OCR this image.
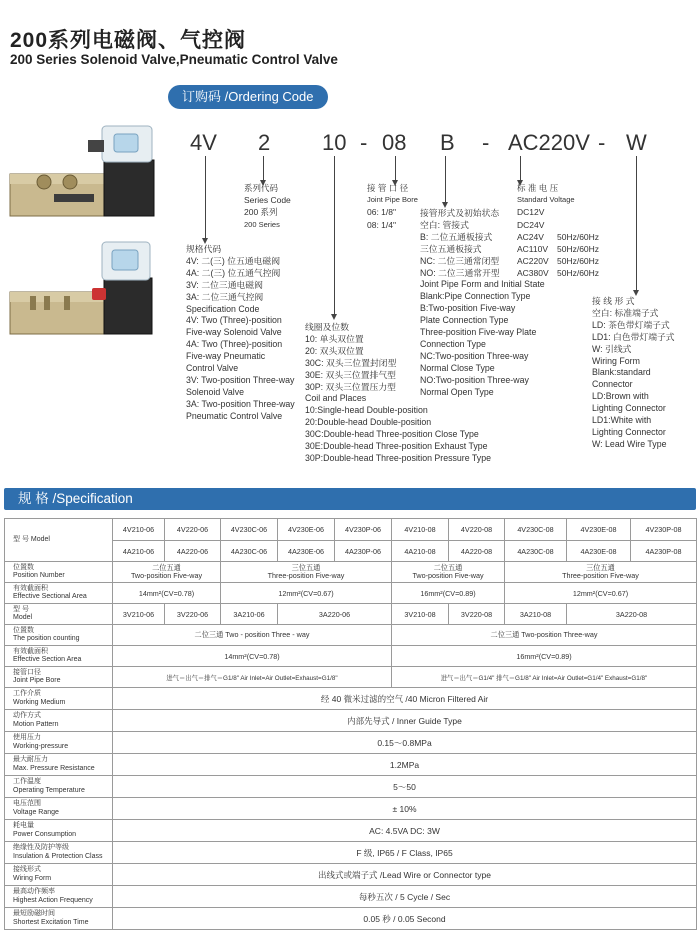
200系列电磁阀、气控阀
200 Series Solenoid Valve,Pneumatic Control Valve
订购码 /Ordering Code
4V 2 10 - 08 B - AC220V - W
系列代码
Series Code
200 系列
200 Series
接 管 口 径
Joint Pipe Bore
06: 1/8"
08: 1/4"
标 准 电 压
Standard Voltage
DC12V
DC24V
AC24V	50Hz/60Hz
AC110V	50Hz/60Hz
AC220V 50Hz/60Hz
AC380V 50Hz/60Hz
规格代码
4V: 二(三) 位五通电磁阀
4A: 二(三) 位五通气控阀
3V: 二位三通电磁阀
3A: 二位三通气控阀
Specification Code
4V: Two (Three)-position
Five-way Solenoid Valve
4A: Two (Three)-position
Five-way Pneumatic
Control Valve
3V: Two-position Three-way
Solenoid Valve
3A: Two-position Three-way
Pneumatic Control Valve
线圈及位数
10: 单头双位置
20: 双头双位置
30C: 双头三位置封闭型
30E: 双头三位置排气型
30P: 双头三位置压力型
Coil and Places
10:Single-head Double-position
20:Double-head Double-position
30C:Double-head Three-position Close Type
30E:Double-head Three-position Exhaust Type
30P:Double-head Three-position Pressure Type
接管形式及初始状态
空白: 管接式
B: 二位五通板接式
三位五通板接式
NC: 二位三通常闭型
NO: 二位三通常开型
Joint Pipe Form and Initial State
Blank:Pipe Connection Type
B:Two-position Five-way
Plate Connection Type
Three-position Five-way Plate
Connection Type
NC:Two-position Three-way
Normal Close Type
NO:Two-position Three-way
Normal Open Type
接 线 形 式
空白: 标准端子式
LD: 茶色带灯端子式
LD1: 白色带灯端子式
W: 引线式
Wiring Form
Blank:standard
Connector
LD:Brown with
Lighting Connector
LD1:White with
Lighting Connector
W: Lead Wire Type
规 格 /Specification
型 号 Model	4V210-06	4V220-06	4V230C-06	4V230E-06	4V230P-06	4V210-08	4V220-08	4V230C-08	4V230E-08	4V230P-08
	4A210-06	4A220-06	4A230C-06	4A230E-06	4A230P-06	4A210-08	4A220-08	4A230C-08	4A230E-08	4A230P-08

位置数
Position Number	二位五通
Two-position Five-way		三位五通
Three-position Five-way			二位五通
Two-position Five-way		三位五通
Three-position Five-way		

有效截面积
Effective Sectional Area	14mm²(CV=0.78)		12mm²(CV=0.67)			16mm²(CV=0.89)		12mm²(CV=0.67)		

型 号
Model	3V210-06	3V220-06	3A210-06	3A220-06		3V210-08	3V220-08	3A210-08	3A220-08	

位置数
The position counting	二位三通 Two - position Three - way					二位三通 Two-position Three-way				

有效截面积
Effective Section Area	14mm²(CV=0.78)					16mm²(CV=0.89)				

接管口径
Joint Pipe Bore	进气＝出气＝排气＝G1/8" Air Inlet=Air Outlet=Exhaust=G1/8"					进气＝出气＝G1/4" 排气＝G1/8" Air Inlet=Air Outlet=G1/4" Exhaust=G1/8"				

工作介质
Working Medium	经 40 微米过滤的空气 /40 Micron Filtered Air									

动作方式
Motion Pattern	内部先导式 / Inner Guide Type									

使用压力
Working-pressure	0.15～0.8MPa									

最大耐压力
Max. Pressure Resistance	1.2MPa									

工作温度
Operating Temperature	5～50									

电压范围
Voltage Range	± 10%									

耗电量
Power Consumption	AC: 4.5VA DC: 3W									

绝缘性及防护等级
Insulation & Protection Class	F 级, IP65 / F Class, IP65									

接线形式
Wiring Form	出线式或端子式 /Lead Wire or Connector type									

最高动作频率
Highest Action Frequency	每秒五次 / 5 Cycle / Sec									

最短励磁时间
Shortest Excitation Time	0.05 秒 / 0.05 Second									
